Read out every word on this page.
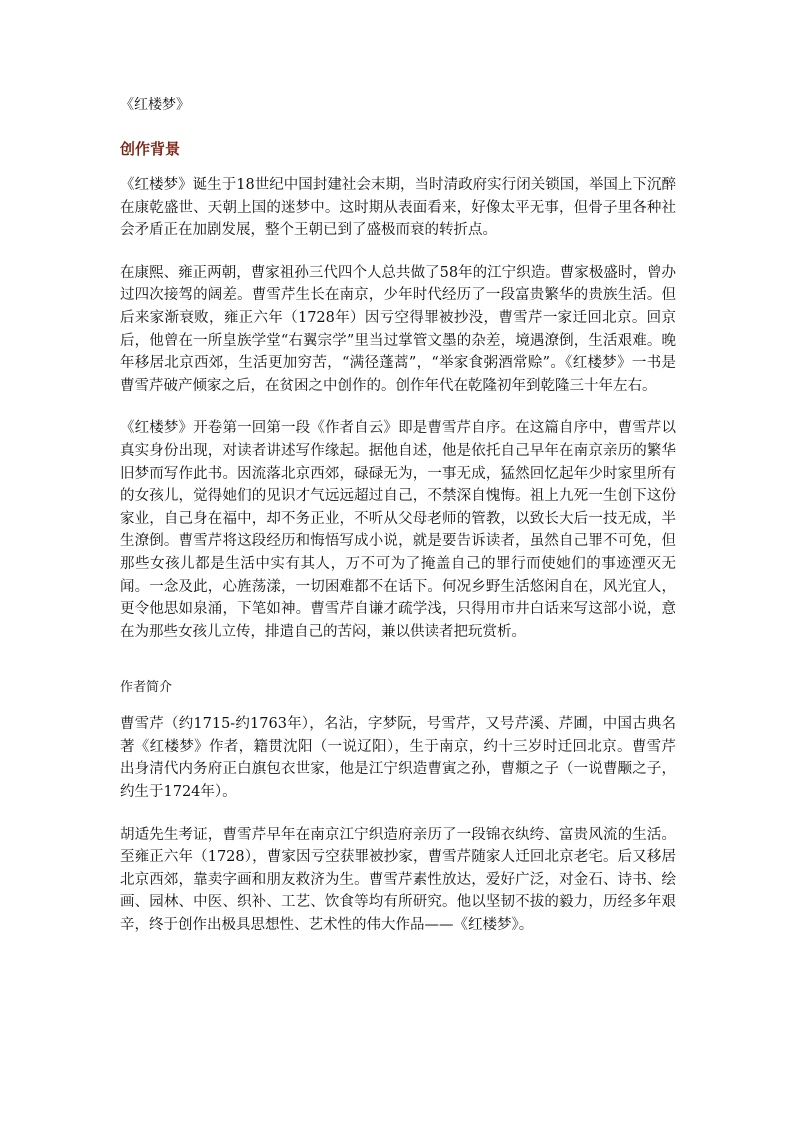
《红楼梦》

创作背景

《红楼梦》诞生于18世纪中国封建社会末期，当时清政府实行闭关锁国，举国上下沉醉在康乾盛世、天朝上国的迷梦中。这时期从表面看来，好像太平无事，但骨子里各种社会矛盾正在加剧发展，整个王朝已到了盛极而衰的转折点。

在康熙、雍正两朝，曹家祖孙三代四个人总共做了58年的江宁织造。曹家极盛时，曾办过四次接驾的阔差。曹雪芹生长在南京，少年时代经历了一段富贵繁华的贵族生活。但后来家渐衰败，雍正六年（1728年）因亏空得罪被抄没，曹雪芹一家迁回北京。回京后，他曾在一所皇族学堂“右翼宗学”里当过掌管文墨的杂差，境遇潦倒，生活艰难。晚年移居北京西郊，生活更加穷苦，“满径蓬蒿”，“举家食粥酒常赊”。《红楼梦》一书是曹雪芹破产倾家之后，在贫困之中创作的。创作年代在乾隆初年到乾隆三十年左右。

《红楼梦》开卷第一回第一段《作者自云》即是曹雪芹自序。在这篇自序中，曹雪芹以真实身份出现，对读者讲述写作缘起。据他自述，他是依托自己早年在南京亲历的繁华旧梦而写作此书。因流落北京西郊，碌碌无为，一事无成，猛然回忆起年少时家里所有的女孩儿，觉得她们的见识才气远远超过自己，不禁深自愧悔。祖上九死一生创下这份家业，自己身在福中，却不务正业，不听从父母老师的管教，以致长大后一技无成，半生潦倒。曹雪芹将这段经历和悔悟写成小说，就是要告诉读者，虽然自己罪不可免，但那些女孩儿都是生活中实有其人，万不可为了掩盖自己的罪行而使她们的事迹湮灭无闻。一念及此，心旌荡漾，一切困难都不在话下。何况乡野生活悠闲自在，风光宜人，更令他思如泉涌，下笔如神。曹雪芹自谦才疏学浅，只得用市井白话来写这部小说，意在为那些女孩儿立传，排遣自己的苦闷，兼以供读者把玩赏析。

作者简介

曹雪芹（约1715-约1763年），名沾，字梦阮，号雪芹，又号芹溪、芹圃，中国古典名著《红楼梦》作者，籍贯沈阳（一说辽阳），生于南京，约十三岁时迁回北京。曹雪芹出身清代内务府正白旗包衣世家，他是江宁织造曹寅之孙，曹頫之子（一说曹颙之子，约生于1724年）。

胡适先生考证，曹雪芹早年在南京江宁织造府亲历了一段锦衣纨绔、富贵风流的生活。至雍正六年（1728），曹家因亏空获罪被抄家，曹雪芹随家人迁回北京老宅。后又移居北京西郊，靠卖字画和朋友救济为生。曹雪芹素性放达，爱好广泛，对金石、诗书、绘画、园林、中医、织补、工艺、饮食等均有所研究。他以坚韧不拔的毅力，历经多年艰辛，终于创作出极具思想性、艺术性的伟大作品——《红楼梦》。
